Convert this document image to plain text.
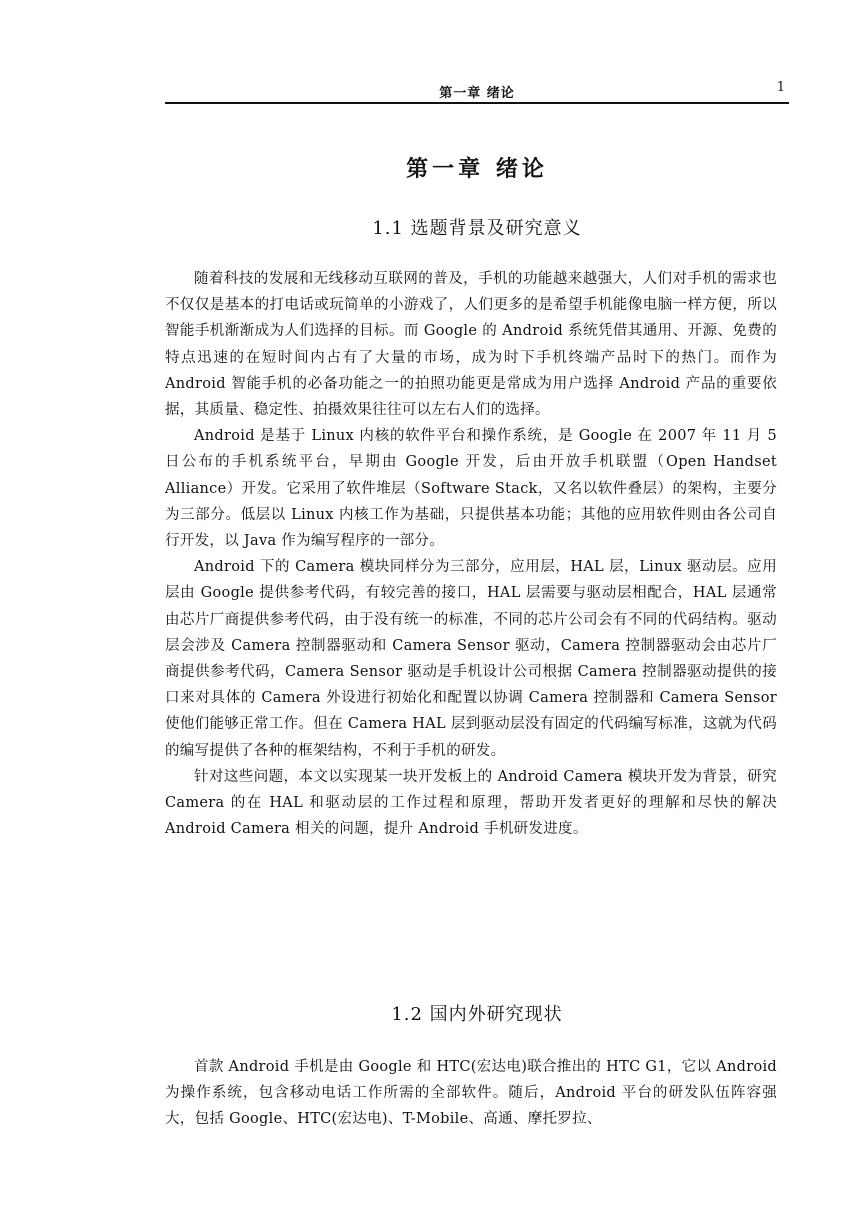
第一章 绪论	1
第一章 绪论
1.1 选题背景及研究意义

随着科技的发展和无线移动互联网的普及，手机的功能越来越强大，人们对手机的需求也不仅仅是基本的打电话或玩简单的小游戏了，人们更多的是希望手机能像电脑一样方便，所以智能手机渐渐成为人们选择的目标。而 Google 的 Android 系统凭借其通用、开源、免费的特点迅速的在短时间内占有了大量的市场，成为时下手机终端产品时下的热门。而作为 Android 智能手机的必备功能之一的拍照功能更是常成为用户选择 Android 产品的重要依据，其质量、稳定性、拍摄效果往往可以左右人们的选择。

Android 是基于 Linux 内核的软件平台和操作系统，是 Google 在 2007 年 11 月 5 日公布的手机系统平台，早期由 Google 开发，后由开放手机联盟（Open Handset Alliance）开发。它采用了软件堆层（Software Stack，又名以软件叠层）的架构，主要分为三部分。低层以 Linux 内核工作为基础，只提供基本功能；其他的应用软件则由各公司自行开发，以 Java 作为编写程序的一部分。

Android 下的 Camera 模块同样分为三部分，应用层，HAL 层，Linux 驱动层。应用层由 Google 提供参考代码，有较完善的接口，HAL 层需要与驱动层相配合，HAL 层通常由芯片厂商提供参考代码，由于没有统一的标准，不同的芯片公司会有不同的代码结构。驱动层会涉及 Camera 控制器驱动和 Camera Sensor 驱动，Camera 控制器驱动会由芯片厂商提供参考代码，Camera Sensor 驱动是手机设计公司根据 Camera 控制器驱动提供的接口来对具体的 Camera 外设进行初始化和配置以协调 Camera 控制器和 Camera Sensor 使他们能够正常工作。但在 Camera HAL 层到驱动层没有固定的代码编写标准，这就为代码的编写提供了各种的框架结构，不利于手机的研发。

针对这些问题，本文以实现某一块开发板上的 Android Camera 模块开发为背景，研究 Camera 的在 HAL 和驱动层的工作过程和原理，帮助开发者更好的理解和尽快的解决 Android Camera 相关的问题，提升 Android 手机研发进度。

1.2 国内外研究现状

首款 Android 手机是由 Google 和 HTC(宏达电)联合推出的 HTC G1，它以 Android 为操作系统，包含移动电话工作所需的全部软件。随后，Android 平台的研发队伍阵容强大，包括 Google、HTC(宏达电)、T-Mobile、高通、摩托罗拉、
